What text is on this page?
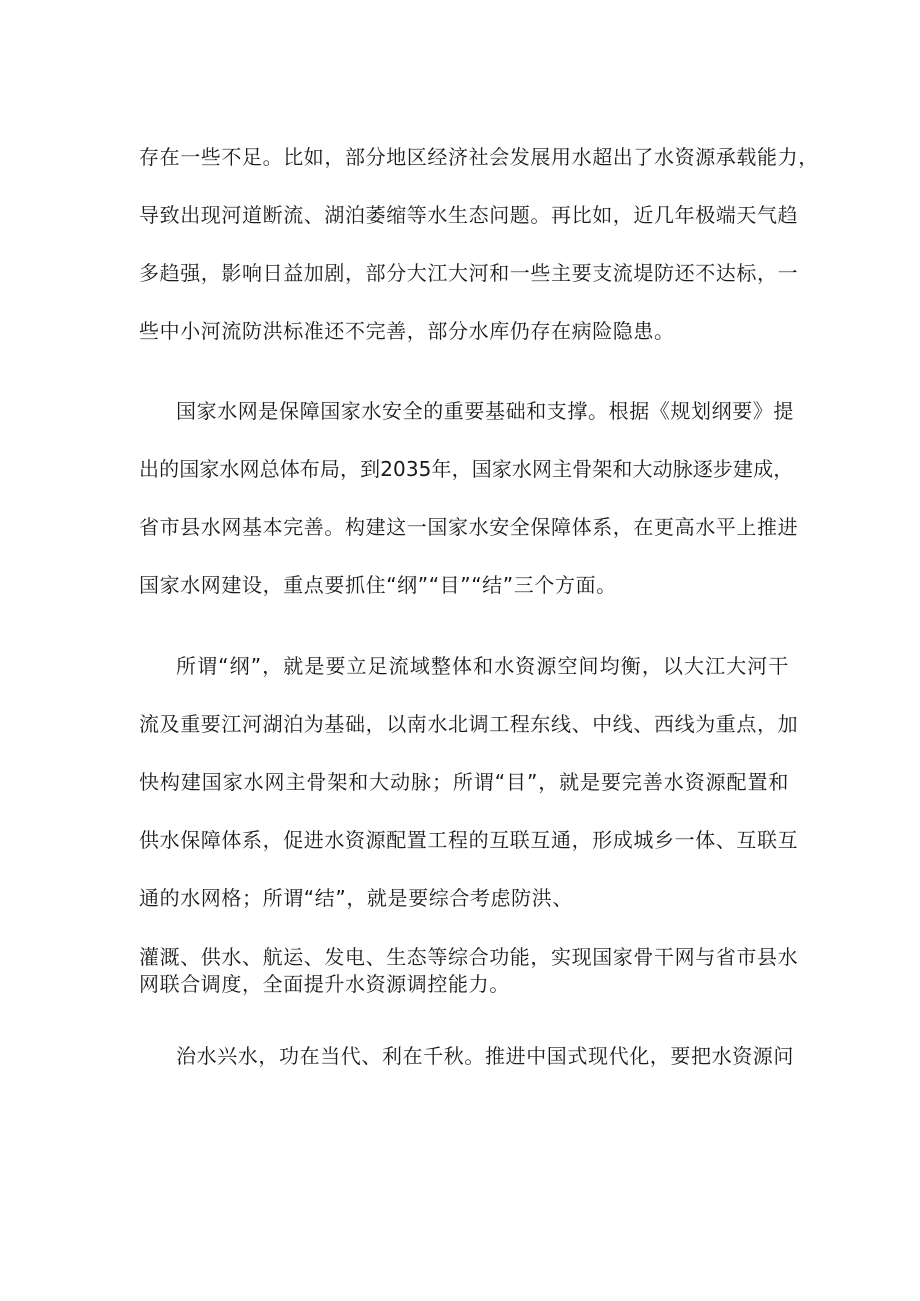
存在一些不足。比如，部分地区经济社会发展用水超出了水资源承载能力，
导致出现河道断流、湖泊萎缩等水生态问题。再比如，近几年极端天气趋
多趋强，影响日益加剧，部分大江大河和一些主要支流堤防还不达标，一
些中小河流防洪标准还不完善，部分水库仍存在病险隐患。
国家水网是保障国家水安全的重要基础和支撑。根据《规划纲要》提
出的国家水网总体布局，到2035年，国家水网主骨架和大动脉逐步建成，
省市县水网基本完善。构建这一国家水安全保障体系，在更高水平上推进
国家水网建设，重点要抓住“纲”“目”“结”三个方面。
所谓“纲”，就是要立足流域整体和水资源空间均衡，以大江大河干
流及重要江河湖泊为基础，以南水北调工程东线、中线、西线为重点，加
快构建国家水网主骨架和大动脉；所谓“目”，就是要完善水资源配置和
供水保障体系，促进水资源配置工程的互联互通，形成城乡一体、互联互
通的水网格；所谓“结”，就是要综合考虑防洪、
灌溉、供水、航运、发电、生态等综合功能，实现国家骨干网与省市县水
网联合调度，全面提升水资源调控能力。
治水兴水，功在当代、利在千秋。推进中国式现代化，要把水资源问
